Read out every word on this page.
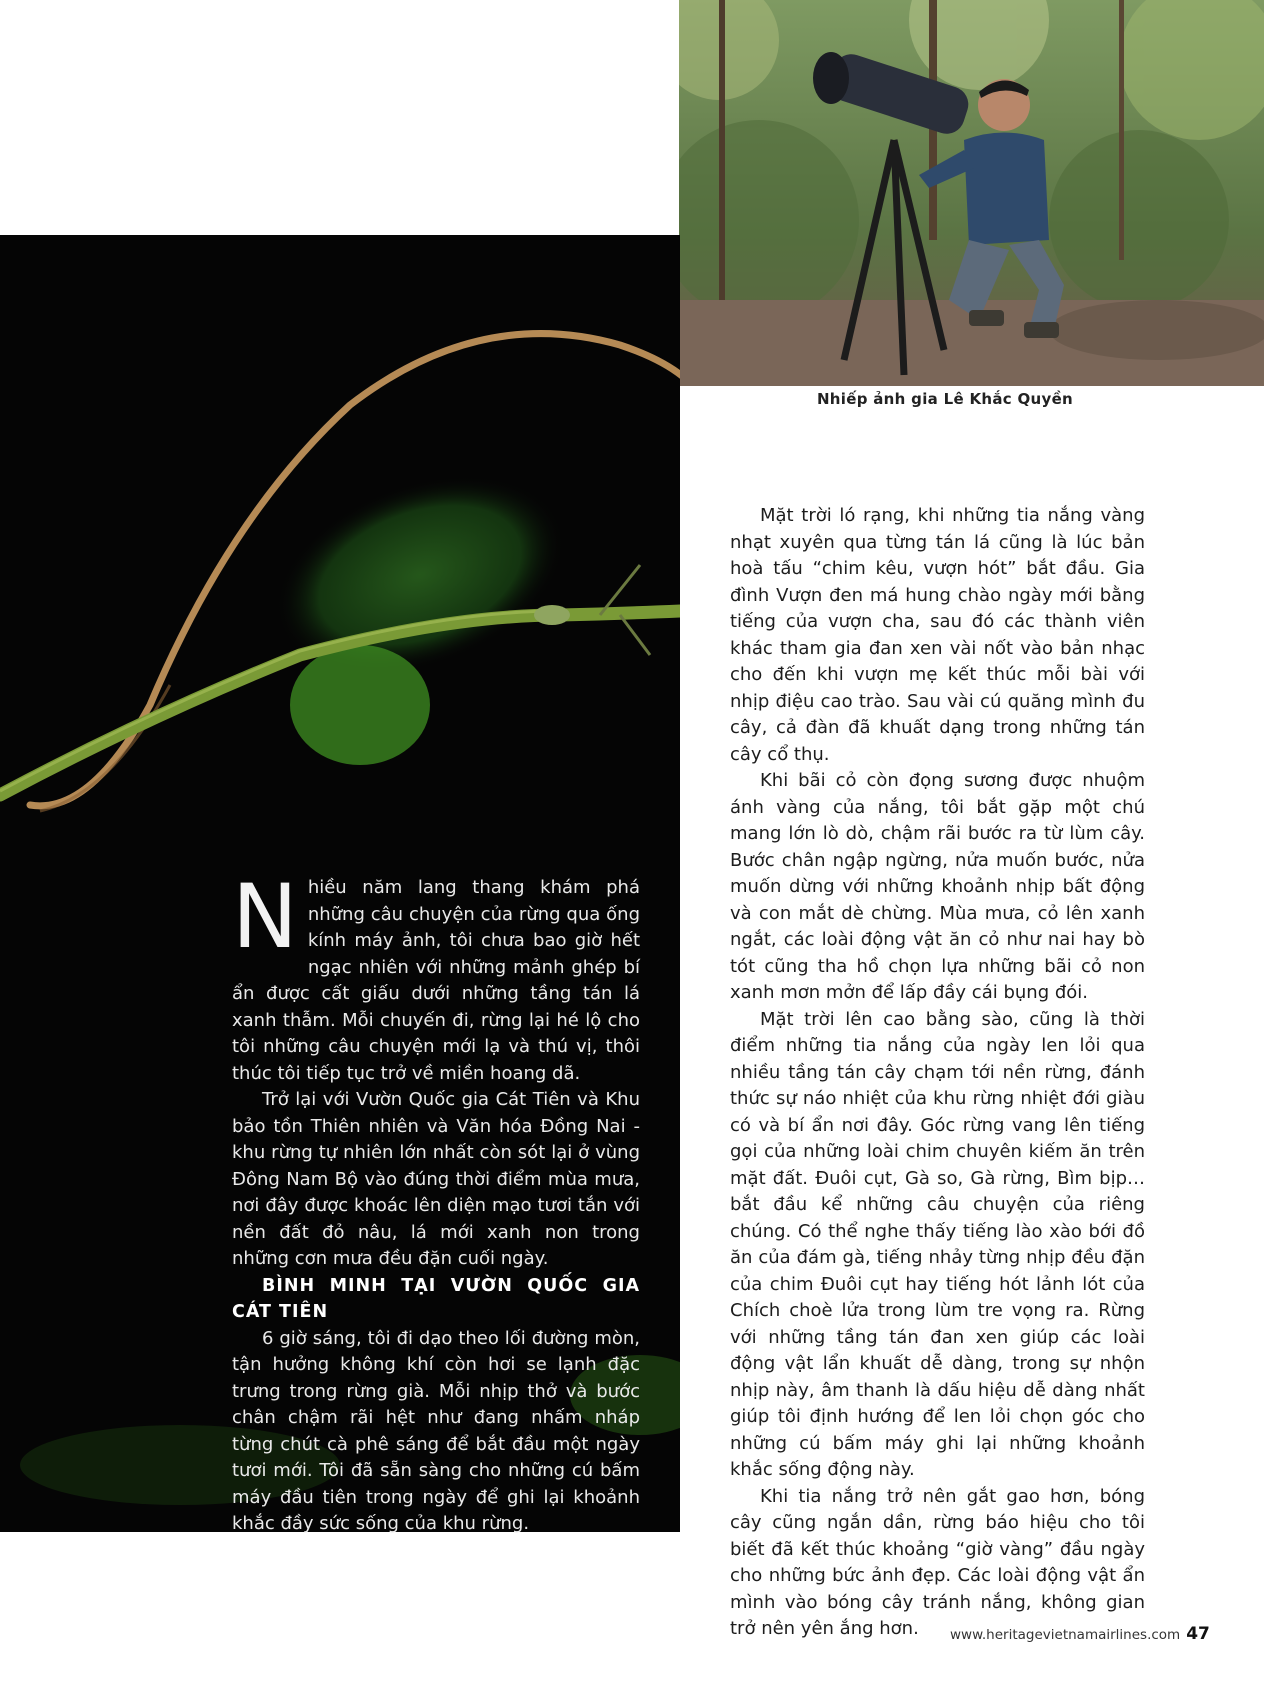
Nhiếp ảnh gia Lê Khắc Quyền

Nhiều năm lang thang khám phá những câu chuyện của rừng qua ống kính máy ảnh, tôi chưa bao giờ hết ngạc nhiên với những mảnh ghép bí ẩn được cất giấu dưới những tầng tán lá xanh thẫm. Mỗi chuyến đi, rừng lại hé lộ cho tôi những câu chuyện mới lạ và thú vị, thôi thúc tôi tiếp tục trở về miền hoang dã.

Trở lại với Vườn Quốc gia Cát Tiên và Khu bảo tồn Thiên nhiên và Văn hóa Đồng Nai - khu rừng tự nhiên lớn nhất còn sót lại ở vùng Đông Nam Bộ vào đúng thời điểm mùa mưa, nơi đây được khoác lên diện mạo tươi tắn với nền đất đỏ nâu, lá mới xanh non trong những cơn mưa đều đặn cuối ngày.

BÌNH MINH TẠI VƯỜN QUỐC GIA CÁT TIÊN

6 giờ sáng, tôi đi dạo theo lối đường mòn, tận hưởng không khí còn hơi se lạnh đặc trưng trong rừng già. Mỗi nhịp thở và bước chân chậm rãi hệt như đang nhấm nháp từng chút cà phê sáng để bắt đầu một ngày tươi mới. Tôi đã sẵn sàng cho những cú bấm máy đầu tiên trong ngày để ghi lại khoảnh khắc đầy sức sống của khu rừng.

Mặt trời ló rạng, khi những tia nắng vàng nhạt xuyên qua từng tán lá cũng là lúc bản hoà tấu “chim kêu, vượn hót” bắt đầu. Gia đình Vượn đen má hung chào ngày mới bằng tiếng của vượn cha, sau đó các thành viên khác tham gia đan xen vài nốt vào bản nhạc cho đến khi vượn mẹ kết thúc mỗi bài với nhịp điệu cao trào. Sau vài cú quăng mình đu cây, cả đàn đã khuất dạng trong những tán cây cổ thụ.

Khi bãi cỏ còn đọng sương được nhuộm ánh vàng của nắng, tôi bắt gặp một chú mang lớn lò dò, chậm rãi bước ra từ lùm cây. Bước chân ngập ngừng, nửa muốn bước, nửa muốn dừng với những khoảnh nhịp bất động và con mắt dè chừng. Mùa mưa, cỏ lên xanh ngắt, các loài động vật ăn cỏ như nai hay bò tót cũng tha hồ chọn lựa những bãi cỏ non xanh mơn mởn để lấp đầy cái bụng đói.

Mặt trời lên cao bằng sào, cũng là thời điểm những tia nắng của ngày len lỏi qua nhiều tầng tán cây chạm tới nền rừng, đánh thức sự náo nhiệt của khu rừng nhiệt đới giàu có và bí ẩn nơi đây. Góc rừng vang lên tiếng gọi của những loài chim chuyên kiếm ăn trên mặt đất. Đuôi cụt, Gà so, Gà rừng, Bìm bịp… bắt đầu kể những câu chuyện của riêng chúng. Có thể nghe thấy tiếng lào xào bới đồ ăn của đám gà, tiếng nhảy từng nhịp đều đặn của chim Đuôi cụt hay tiếng hót lảnh lót của Chích choè lửa trong lùm tre vọng ra. Rừng với những tầng tán đan xen giúp các loài động vật lẩn khuất dễ dàng, trong sự nhộn nhịp này, âm thanh là dấu hiệu dễ dàng nhất giúp tôi định hướng để len lỏi chọn góc cho những cú bấm máy ghi lại những khoảnh khắc sống động này.

Khi tia nắng trở nên gắt gao hơn, bóng cây cũng ngắn dần, rừng báo hiệu cho tôi biết đã kết thúc khoảng “giờ vàng” đầu ngày cho những bức ảnh đẹp. Các loài động vật ẩn mình vào bóng cây tránh nắng, không gian trở nên yên ắng hơn.	www.heritagevietnamairlines.com 47
